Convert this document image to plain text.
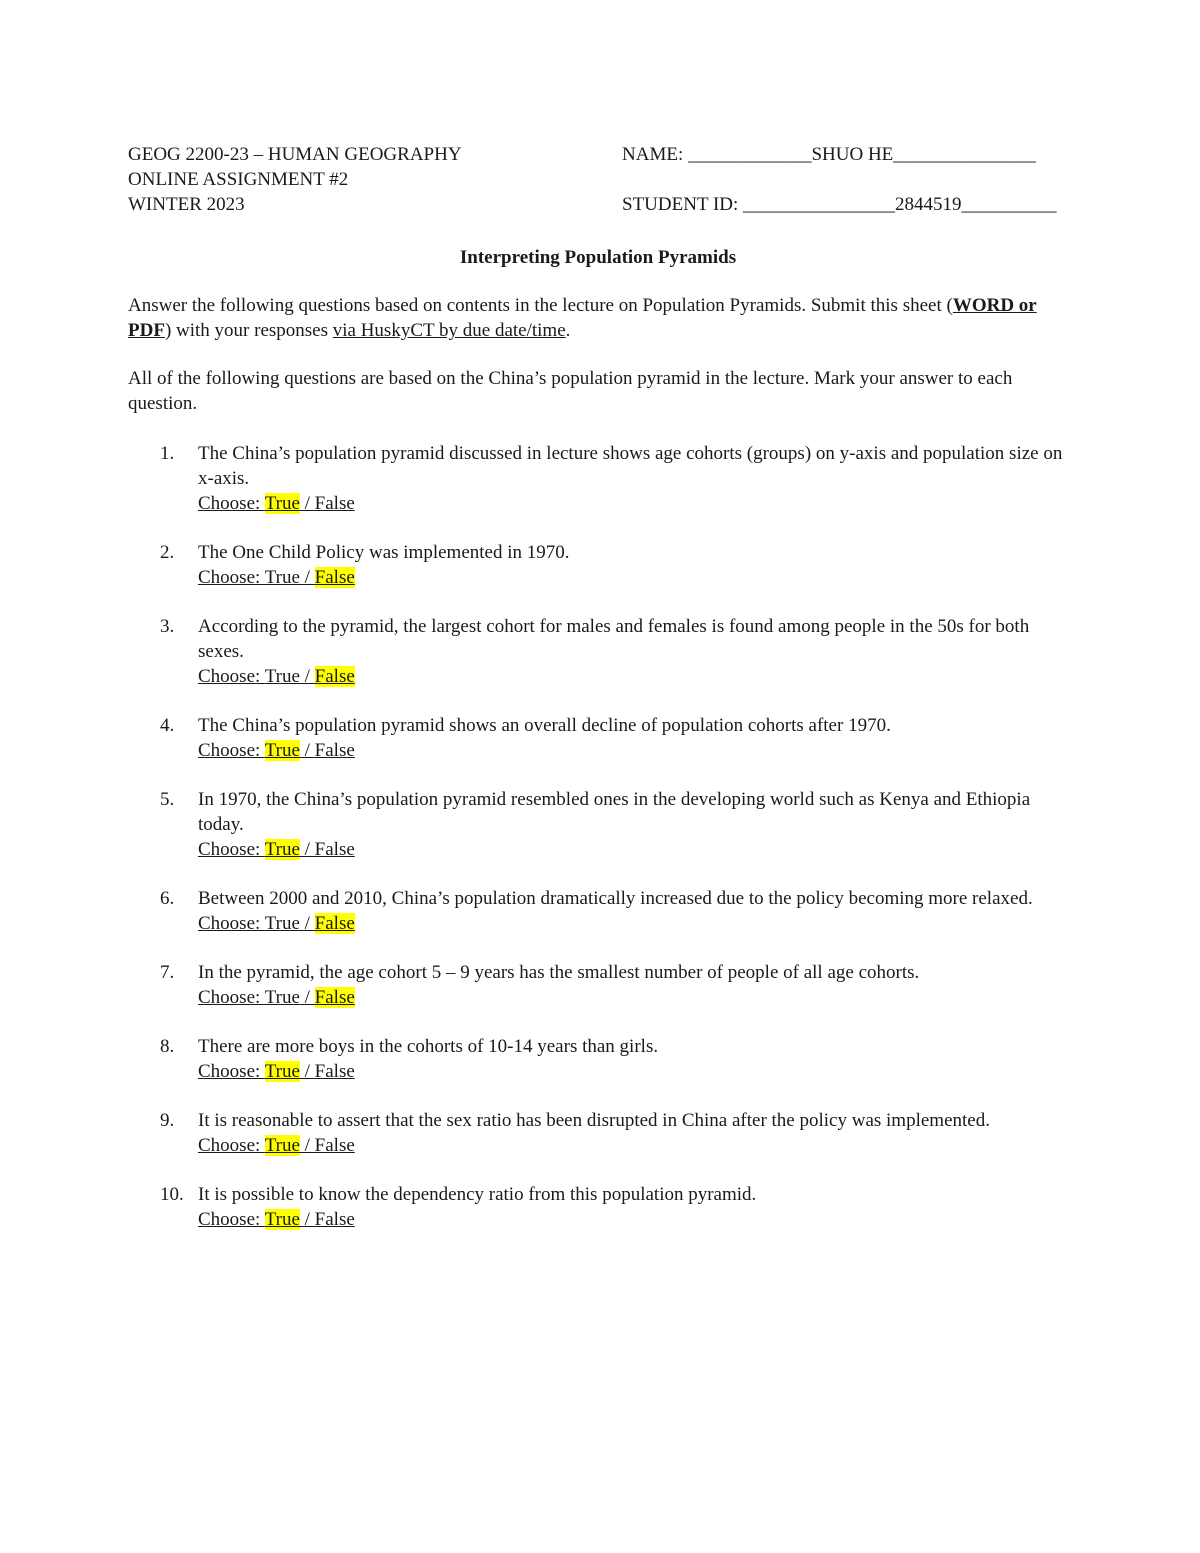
GEOG 2200-23 – HUMAN GEOGRAPHY	NAME: _____________SHUO HE_______________
ONLINE ASSIGNMENT #2
WINTER 2023	STUDENT ID: ________________2844519__________
Interpreting Population Pyramids
Answer the following questions based on contents in the lecture on Population Pyramids. Submit this sheet (WORD or PDF) with your responses via HuskyCT by due date/time.
All of the following questions are based on the China’s population pyramid in the lecture. Mark your answer to each question.
1. The China’s population pyramid discussed in lecture shows age cohorts (groups) on y-axis and population size on x-axis.
Choose: True / False
2. The One Child Policy was implemented in 1970.
Choose: True / False
3. According to the pyramid, the largest cohort for males and females is found among people in the 50s for both sexes.
Choose: True / False
4. The China’s population pyramid shows an overall decline of population cohorts after 1970.
Choose: True / False
5. In 1970, the China’s population pyramid resembled ones in the developing world such as Kenya and Ethiopia today.
Choose: True / False
6. Between 2000 and 2010, China’s population dramatically increased due to the policy becoming more relaxed.
Choose: True / False
7. In the pyramid, the age cohort 5 – 9 years has the smallest number of people of all age cohorts.
Choose: True / False
8. There are more boys in the cohorts of 10-14 years than girls.
Choose: True / False
9. It is reasonable to assert that the sex ratio has been disrupted in China after the policy was implemented.
Choose: True / False
10. It is possible to know the dependency ratio from this population pyramid.
Choose: True / False
